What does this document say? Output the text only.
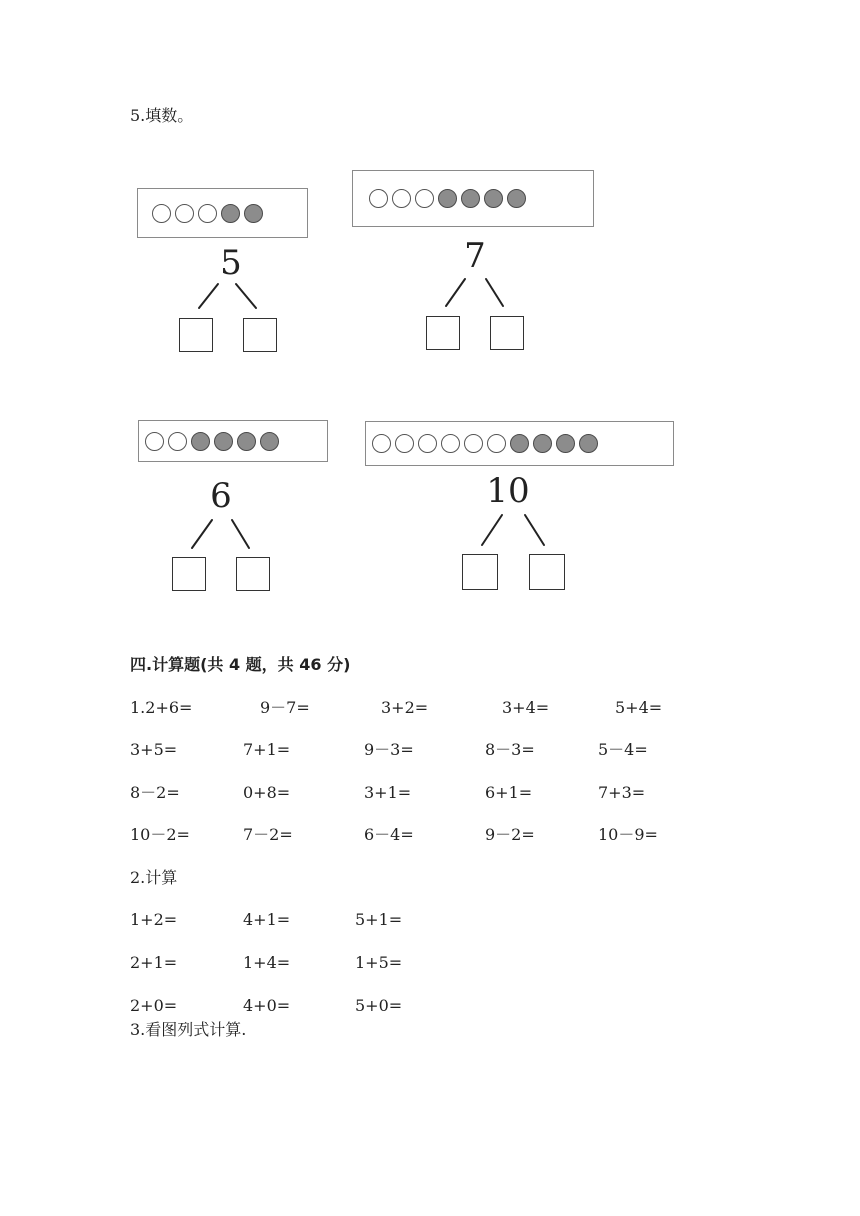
5.填数。
5	7
6	10
四.计算题(共 4 题，共 46 分)
1.2+6=	9－7=	3+2=	3+4=	5+4=
3+5=	7+1=	9－3=	8－3=	5－4=
8－2=	0+8=	3+1=	6+1=	7+3=
10－2=	7－2=	6－4=	9－2=	10－9=
2.计算
1+2=	4+1=	5+1=
2+1=	1+4=	1+5=
2+0=	4+0=	5+0=
3.看图列式计算.
